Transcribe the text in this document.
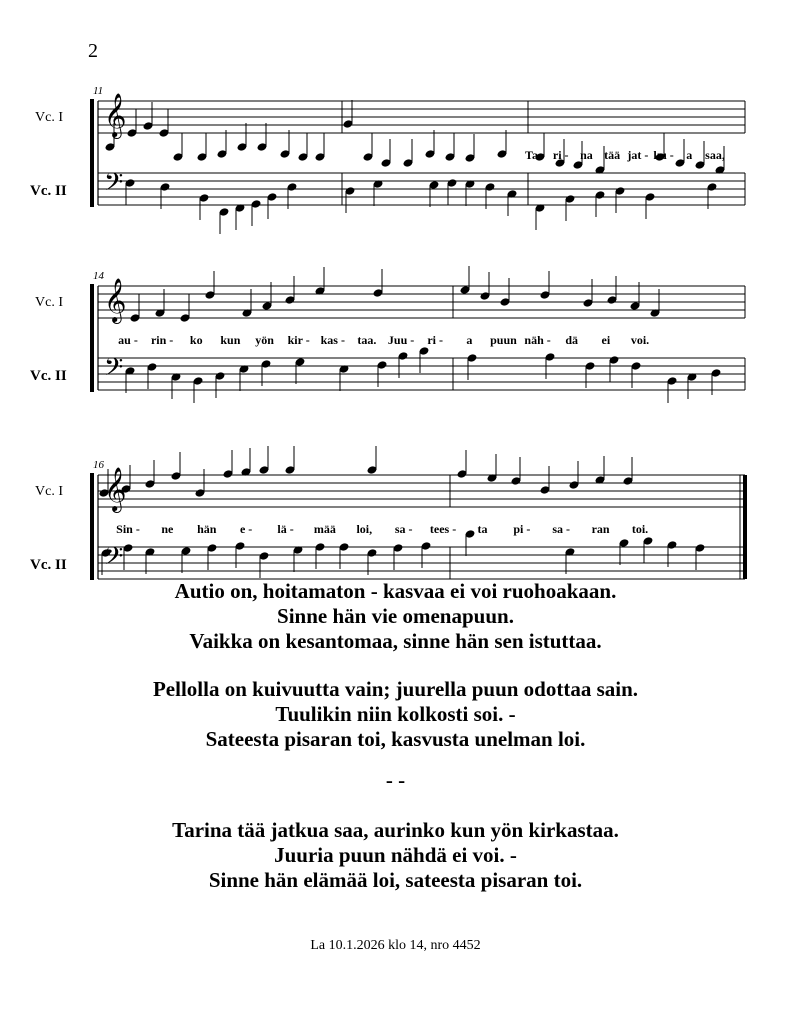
2
𝄞
𝄢
Vc. I
Vc. II
11
Ta - ri - na tää jat - ku - a saa,
𝄞
𝄢
Vc. I
Vc. II
14
au - rin - ko kun yön kir - kas - taa. Juu - ri - a puun näh - dä ei voi.
𝄞
𝄢
Vc. I
Vc. II
16
Sin - ne hän e - lä - mää loi, sa - tees - ta pi - sa - ran toi.
Autio on, hoitamaton - kasvaa ei voi ruohoakaan.
Sinne hän vie omenapuun.
Vaikka on kesantomaa, sinne hän sen istuttaa.
Pellolla on kuivuutta vain; juurella puun odottaa sain.
Tuulikin niin kolkosti soi. -
Sateesta pisaran toi, kasvusta unelman loi.
- -
Tarina tää jatkua saa, aurinko kun yön kirkastaa.
Juuria puun nähdä ei voi. -
Sinne hän elämää loi, sateesta pisaran toi.
La 10.1.2026 klo 14, nro 4452
